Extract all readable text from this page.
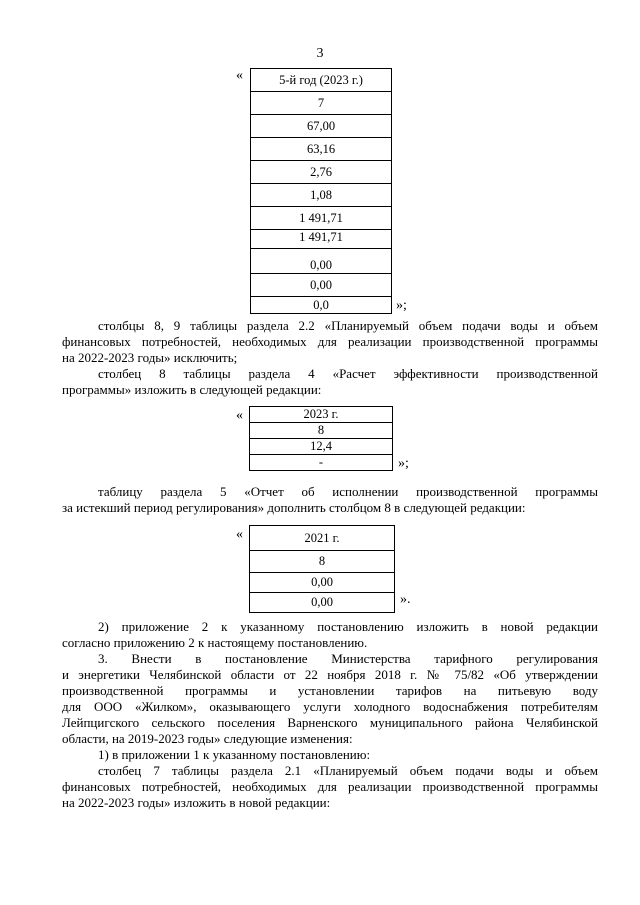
3
«	5-й год (2023 г.)
7
67,00
63,16
2,76
1,08
1 491,71
1 491,71
0,00
0,00
0,0	»;
столбцы 8, 9 таблицы раздела 2.2 «Планируемый объем подачи воды и объем
финансовых потребностей, необходимых для реализации производственной программы
на 2022-2023 годы» исключить;
столбец 8 таблицы раздела 4 «Расчет эффективности производственной
программы» изложить в следующей редакции:
«	2023 г.
8
12,4
-	»;
таблицу раздела 5 «Отчет об исполнении производственной программы
за истекший период регулирования» дополнить столбцом 8 в следующей редакции:
«	2021 г.
8
0,00
0,00	».
2) приложение 2 к указанному постановлению изложить в новой редакции
согласно приложению 2 к настоящему постановлению.
3. Внести в постановление Министерства тарифного регулирования
и энергетики Челябинской области от 22 ноября 2018 г. № 75/82 «Об утверждении
производственной программы и установлении тарифов на питьевую воду
для ООО «Жилком», оказывающего услуги холодного водоснабжения потребителям
Лейпцигского сельского поселения Варненского муниципального района Челябинской
области, на 2019-2023 годы» следующие изменения:
1) в приложении 1 к указанному постановлению:
столбец 7 таблицы раздела 2.1 «Планируемый объем подачи воды и объем
финансовых потребностей, необходимых для реализации производственной программы
на 2022-2023 годы» изложить в новой редакции:
